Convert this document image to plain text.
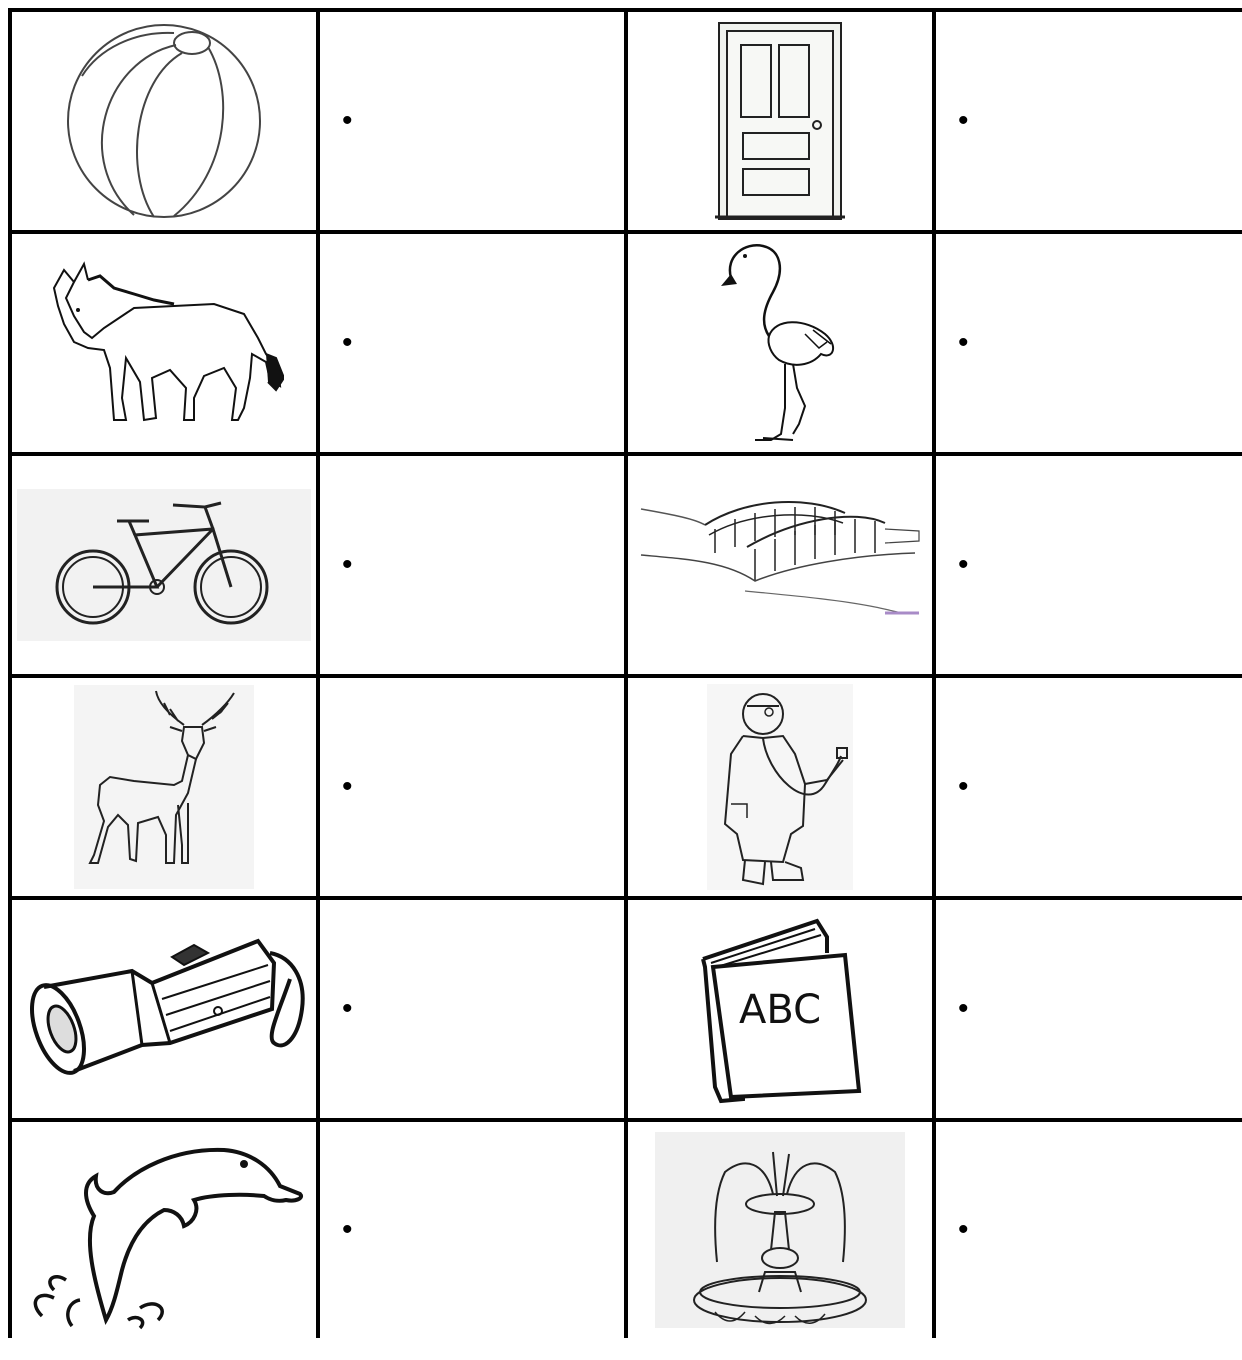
•		•

•		•

•		•

•		•

•	ABC	•

•		•
